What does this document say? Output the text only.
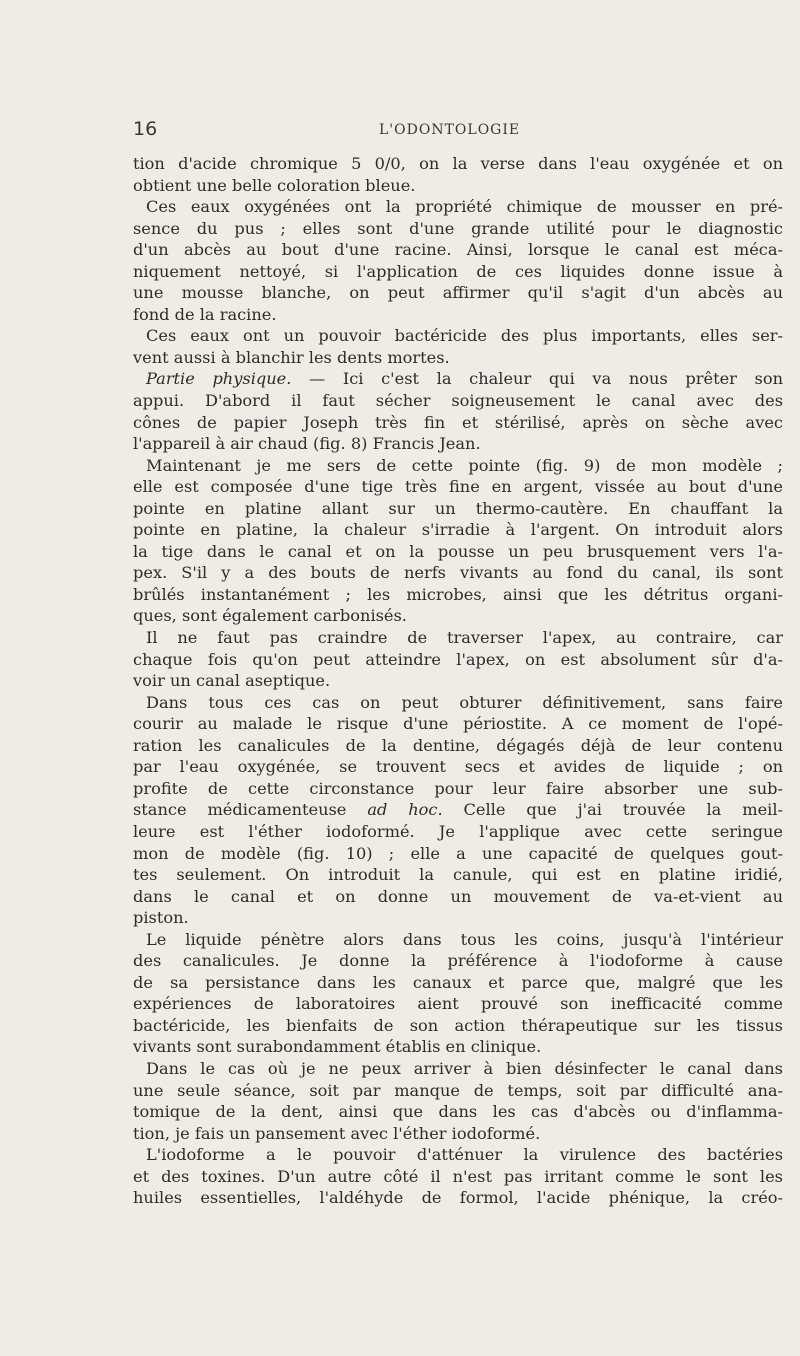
16	L'ODONTOLOGIE
tion d'acide chromique 5 0/0, on la verse dans l'eau oxygénée et on
obtient une belle coloration bleue.
Ces eaux oxygénées ont la propriété chimique de mousser en pré-
sence du pus ; elles sont d'une grande utilité pour le diagnostic
d'un abcès au bout d'une racine. Ainsi, lorsque le canal est méca-
niquement nettoyé, si l'application de ces liquides donne issue à
une mousse blanche, on peut affirmer qu'il s'agit d'un abcès au
fond de la racine.
Ces eaux ont un pouvoir bactéricide des plus importants, elles ser-
vent aussi à blanchir les dents mortes.
Partie physique. — Ici c'est la chaleur qui va nous prêter son
appui. D'abord il faut sécher soigneusement le canal avec des
cônes de papier Joseph très fin et stérilisé, après on sèche avec
l'appareil à air chaud (fig. 8) Francis Jean.
Maintenant je me sers de cette pointe (fig. 9) de mon modèle ;
elle est composée d'une tige très fine en argent, vissée au bout d'une
pointe en platine allant sur un thermo-cautère. En chauffant la
pointe en platine, la chaleur s'irradie à l'argent. On introduit alors
la tige dans le canal et on la pousse un peu brusquement vers l'a-
pex. S'il y a des bouts de nerfs vivants au fond du canal, ils sont
brûlés instantanément ; les microbes, ainsi que les détritus organi-
ques, sont également carbonisés.
Il ne faut pas craindre de traverser l'apex, au contraire, car
chaque fois qu'on peut atteindre l'apex, on est absolument sûr d'a-
voir un canal aseptique.
Dans tous ces cas on peut obturer définitivement, sans faire
courir au malade le risque d'une périostite. A ce moment de l'opé-
ration les canalicules de la dentine, dégagés déjà de leur contenu
par l'eau oxygénée, se trouvent secs et avides de liquide ; on
profite de cette circonstance pour leur faire absorber une sub-
stance médicamenteuse ad hoc. Celle que j'ai trouvée la meil-
leure est l'éther iodoformé. Je l'applique avec cette seringue
mon de modèle (fig. 10) ; elle a une capacité de quelques gout-
tes seulement. On introduit la canule, qui est en platine iridié,
dans le canal et on donne un mouvement de va-et-vient au
piston.
Le liquide pénètre alors dans tous les coins, jusqu'à l'intérieur
des canalicules. Je donne la préférence à l'iodoforme à cause
de sa persistance dans les canaux et parce que, malgré que les
expériences de laboratoires aient prouvé son inefficacité comme
bactéricide, les bienfaits de son action thérapeutique sur les tissus
vivants sont surabondamment établis en clinique.
Dans le cas où je ne peux arriver à bien désinfecter le canal dans
une seule séance, soit par manque de temps, soit par difficulté ana-
tomique de la dent, ainsi que dans les cas d'abcès ou d'inflamma-
tion, je fais un pansement avec l'éther iodoformé.
L'iodoforme a le pouvoir d'atténuer la virulence des bactéries
et des toxines. D'un autre côté il n'est pas irritant comme le sont les
huiles essentielles, l'aldéhyde de formol, l'acide phénique, la créo-
